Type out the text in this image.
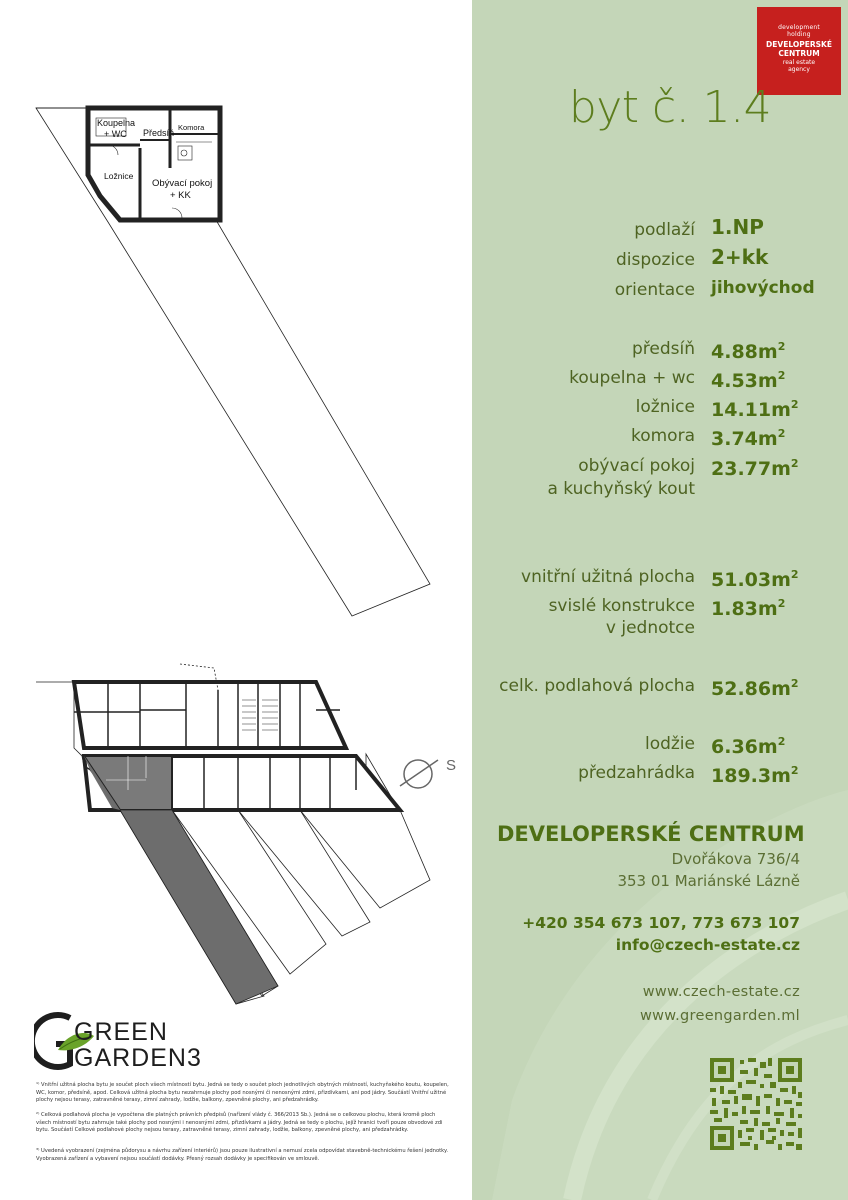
development
holding
DEVELOPERSKÉ
CENTRUM
real estate
agency
byt č. 1.4
Koupelna
+ WC Předsíň
Komora
Ložnice
Obývací pokoj
+ KK
S
podlaží 1.NP
dispozice 2+kk
orientace jihovýchod
předsíň $4.88m^2$
koupelna + wc $4.53m^2$
ložnice $14.11m^2$
komora $3.74m^2$
obývací pokoj
a kuchyňský kout
$23.77m^2$
vnitřní užitná plocha $51.03m^2$
svislé konstrukce
v jednotce
$1.83m^2$
celk. podlahová plocha $52.86m^2$
lodžie $6.36m^2$
předzahrádka $189.3m^2$
DEVELOPERSKÉ CENTRUM
Dvořákova 736/4
353 01 Mariánské Lázně
+420 354 673 107, 773 673 107
info@czech-estate.cz
www.czech-estate.cz
www.greengarden.ml
GREEN
GARDEN3
¹⁾ Vnitřní užitná plocha bytu je součet ploch všech místností bytu. Jedná se tedy o součet ploch jednotlivých obytných místností, kuchyňského koutu, koupelen, WC, komor, předsíně, apod. Celková užitná plocha bytu nezahrnuje plochy pod nosnými či nenosnými zdmi, přizdívkami, ani pod jádry. Součástí Vnitřní užitné plochy nejsou terasy, zatravněné terasy, zimní zahrady, lodžie, balkony, zpevněné plochy, ani předzahrádky.
²⁾ Celková podlahová plocha je vypočtena dle platných právních předpisů (nařízení vlády č. 366/2013 Sb.). Jedná se o celkovou plochu, která kromě ploch všech místností bytu zahrnuje také plochy pod nosnými i nenosnými zdmi, přizdívkami a jádry. Jedná se tedy o plochu, jejíž hranici tvoří pouze obvodové zdi bytu. Součástí Celkové podlahové plochy nejsou terasy, zatravněné terasy, zimní zahrady, lodžie, balkony, zpevněné plochy, ani předzahrádky.
³⁾ Uvedená vyobrazení (zejména půdorysu a návrhu zařízení interiérů) jsou pouze ilustrativní a nemusí zcela odpovídat stavebně-technickému řešení jednotky. Vyobrazená zařízení a vybavení nejsou součástí dodávky. Přesný rozsah dodávky je specifikován ve smlouvě.
